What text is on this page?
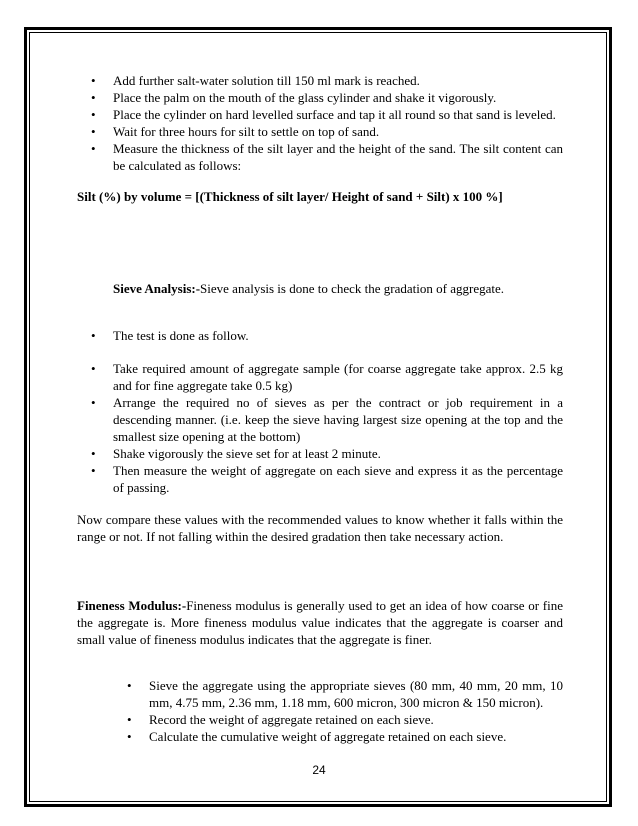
• Add further salt-water solution till 150 ml mark is reached.
• Place the palm on the mouth of the glass cylinder and shake it vigorously.
• Place the cylinder on hard levelled surface and tap it all round so that sand is leveled.
• Wait for three hours for silt to settle on top of sand.
• Measure the thickness of the silt layer and the height of the sand. The silt content can be calculated as follows:
Silt (%) by volume = [(Thickness of silt layer/ Height of sand + Silt) x 100 %]
Sieve Analysis:-Sieve analysis is done to check the gradation of aggregate.
• The test is done as follow.
• Take required amount of aggregate sample (for coarse aggregate take approx. 2.5 kg and for fine aggregate take 0.5 kg)
• Arrange the required no of sieves as per the contract or job requirement in a descending manner. (i.e. keep the sieve having largest size opening at the top and the smallest size opening at the bottom)
• Shake vigorously the sieve set for at least 2 minute.
• Then measure the weight of aggregate on each sieve and express it as the percentage of passing.
Now compare these values with the recommended values to know whether it falls within the range or not. If not falling within the desired gradation then take necessary action.
Fineness Modulus:-Fineness modulus is generally used to get an idea of how coarse or fine the aggregate is. More fineness modulus value indicates that the aggregate is coarser and small value of fineness modulus indicates that the aggregate is finer.
• Sieve the aggregate using the appropriate sieves (80 mm, 40 mm, 20 mm, 10 mm, 4.75 mm, 2.36 mm, 1.18 mm, 600 micron, 300 micron & 150 micron).
• Record the weight of aggregate retained on each sieve.
• Calculate the cumulative weight of aggregate retained on each sieve.
24
